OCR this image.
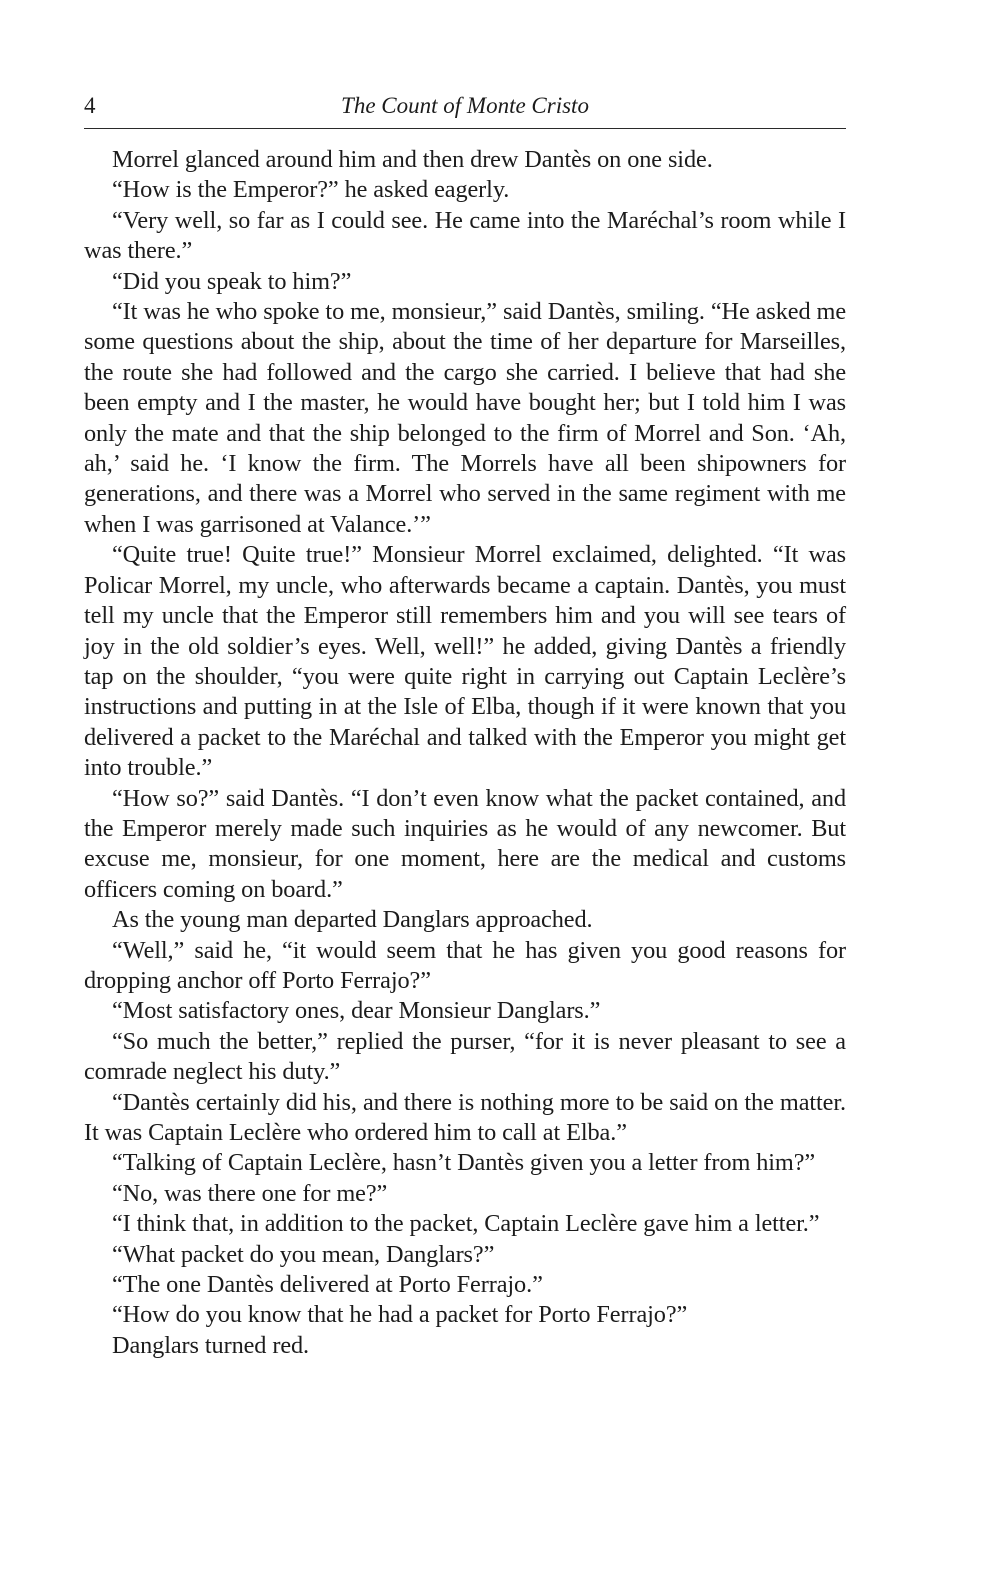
4	The Count of Monte Cristo

Morrel glanced around him and then drew Dantès on one side.

“How is the Emperor?” he asked eagerly.

“Very well, so far as I could see. He came into the Maréchal’s room while I was there.”

“Did you speak to him?”

“It was he who spoke to me, monsieur,” said Dantès, smiling. “He asked me some questions about the ship, about the time of her departure for Marseilles, the route she had followed and the cargo she carried. I believe that had she been empty and I the master, he would have bought her; but I told him I was only the mate and that the ship belonged to the firm of Morrel and Son. ‘Ah, ah,’ said he. ‘I know the firm. The Morrels have all been shipowners for generations, and there was a Morrel who served in the same regiment with me when I was garrisoned at Valance.’”

“Quite true! Quite true!” Monsieur Morrel exclaimed, delighted. “It was Policar Morrel, my uncle, who afterwards became a captain. Dantès, you must tell my uncle that the Emperor still remembers him and you will see tears of joy in the old soldier’s eyes. Well, well!” he added, giving Dantès a friendly tap on the shoulder, “you were quite right in carrying out Captain Leclère’s instructions and putting in at the Isle of Elba, though if it were known that you delivered a packet to the Maréchal and talked with the Emperor you might get into trouble.”

“How so?” said Dantès. “I don’t even know what the packet contained, and the Emperor merely made such inquiries as he would of any newcomer. But excuse me, monsieur, for one moment, here are the medical and customs officers coming on board.”

As the young man departed Danglars approached.

“Well,” said he, “it would seem that he has given you good reasons for dropping anchor off Porto Ferrajo?”

“Most satisfactory ones, dear Monsieur Danglars.”

“So much the better,” replied the purser, “for it is never pleasant to see a comrade neglect his duty.”

“Dantès certainly did his, and there is nothing more to be said on the matter. It was Captain Leclère who ordered him to call at Elba.”

“Talking of Captain Leclère, hasn’t Dantès given you a letter from him?”

“No, was there one for me?”

“I think that, in addition to the packet, Captain Leclère gave him a letter.”

“What packet do you mean, Danglars?”

“The one Dantès delivered at Porto Ferrajo.”

“How do you know that he had a packet for Porto Ferrajo?”

Danglars turned red.
